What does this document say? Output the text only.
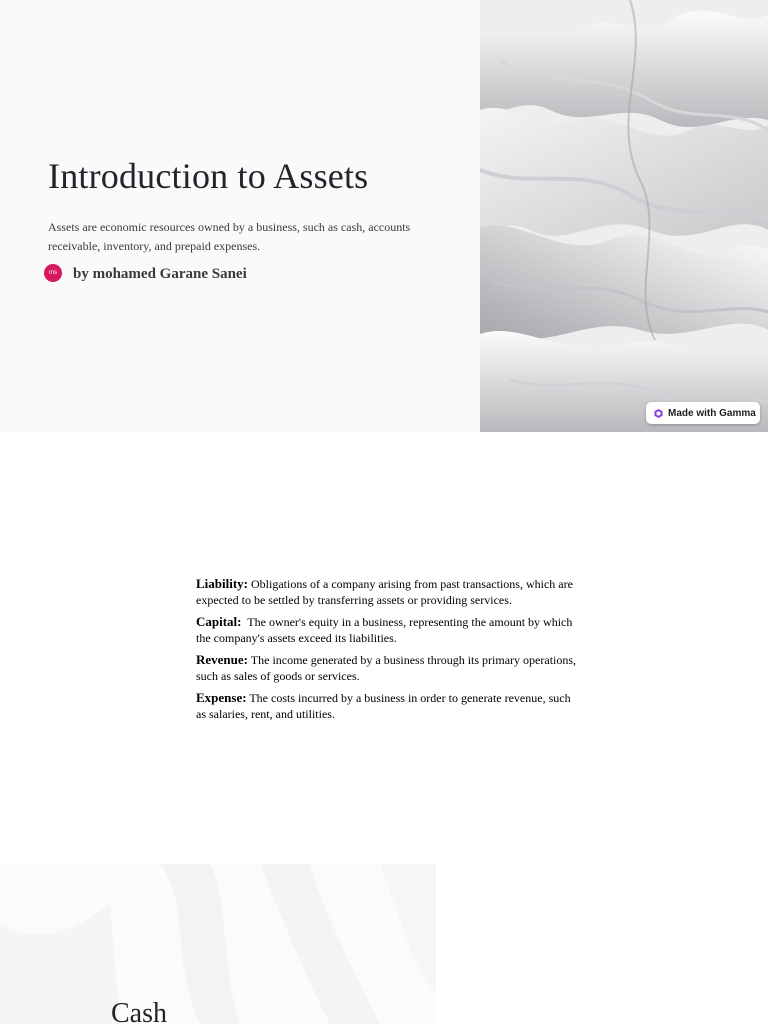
Introduction to Assets

Assets are economic resources owned by a business, such as cash, accounts receivable, inventory, and prepaid expenses.

ms	by mohamed Garane Sanei
Made with Gamma

Liability: Obligations of a company arising from past transactions, which are expected to be settled by transferring assets or providing services.

Capital:  The owner's equity in a business, representing the amount by which the company's assets exceed its liabilities.

Revenue: The income generated by a business through its primary operations, such as sales of goods or services.

Expense: The costs incurred by a business in order to generate revenue, such as salaries, rent, and utilities.

Cash
